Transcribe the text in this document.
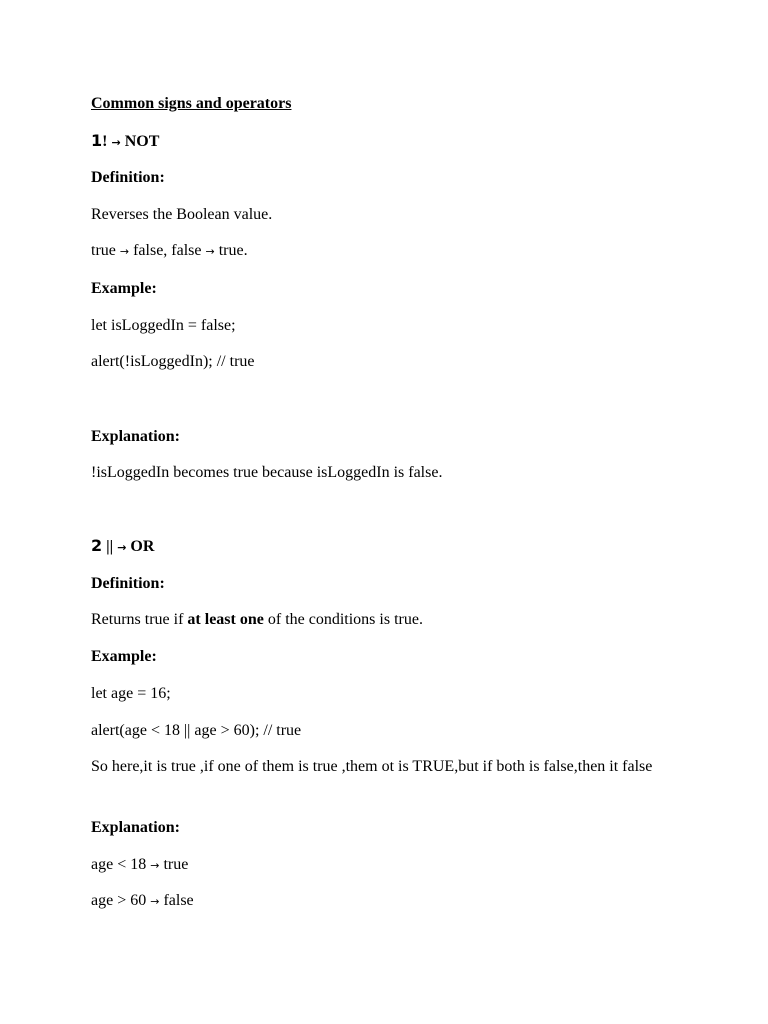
Common signs and operators
1! → NOT
Definition:
Reverses the Boolean value.
true → false, false → true.
Example:
let isLoggedIn = false;
alert(!isLoggedIn); // true
Explanation:
!isLoggedIn becomes true because isLoggedIn is false.
2 || → OR
Definition:
Returns true if at least one of the conditions is true.
Example:
let age = 16;
alert(age < 18 || age > 60); // true
So here,it is true ,if one of them is true ,them ot is TRUE,but if both is false,then it false
Explanation:
age < 18 → true
age > 60 → false
